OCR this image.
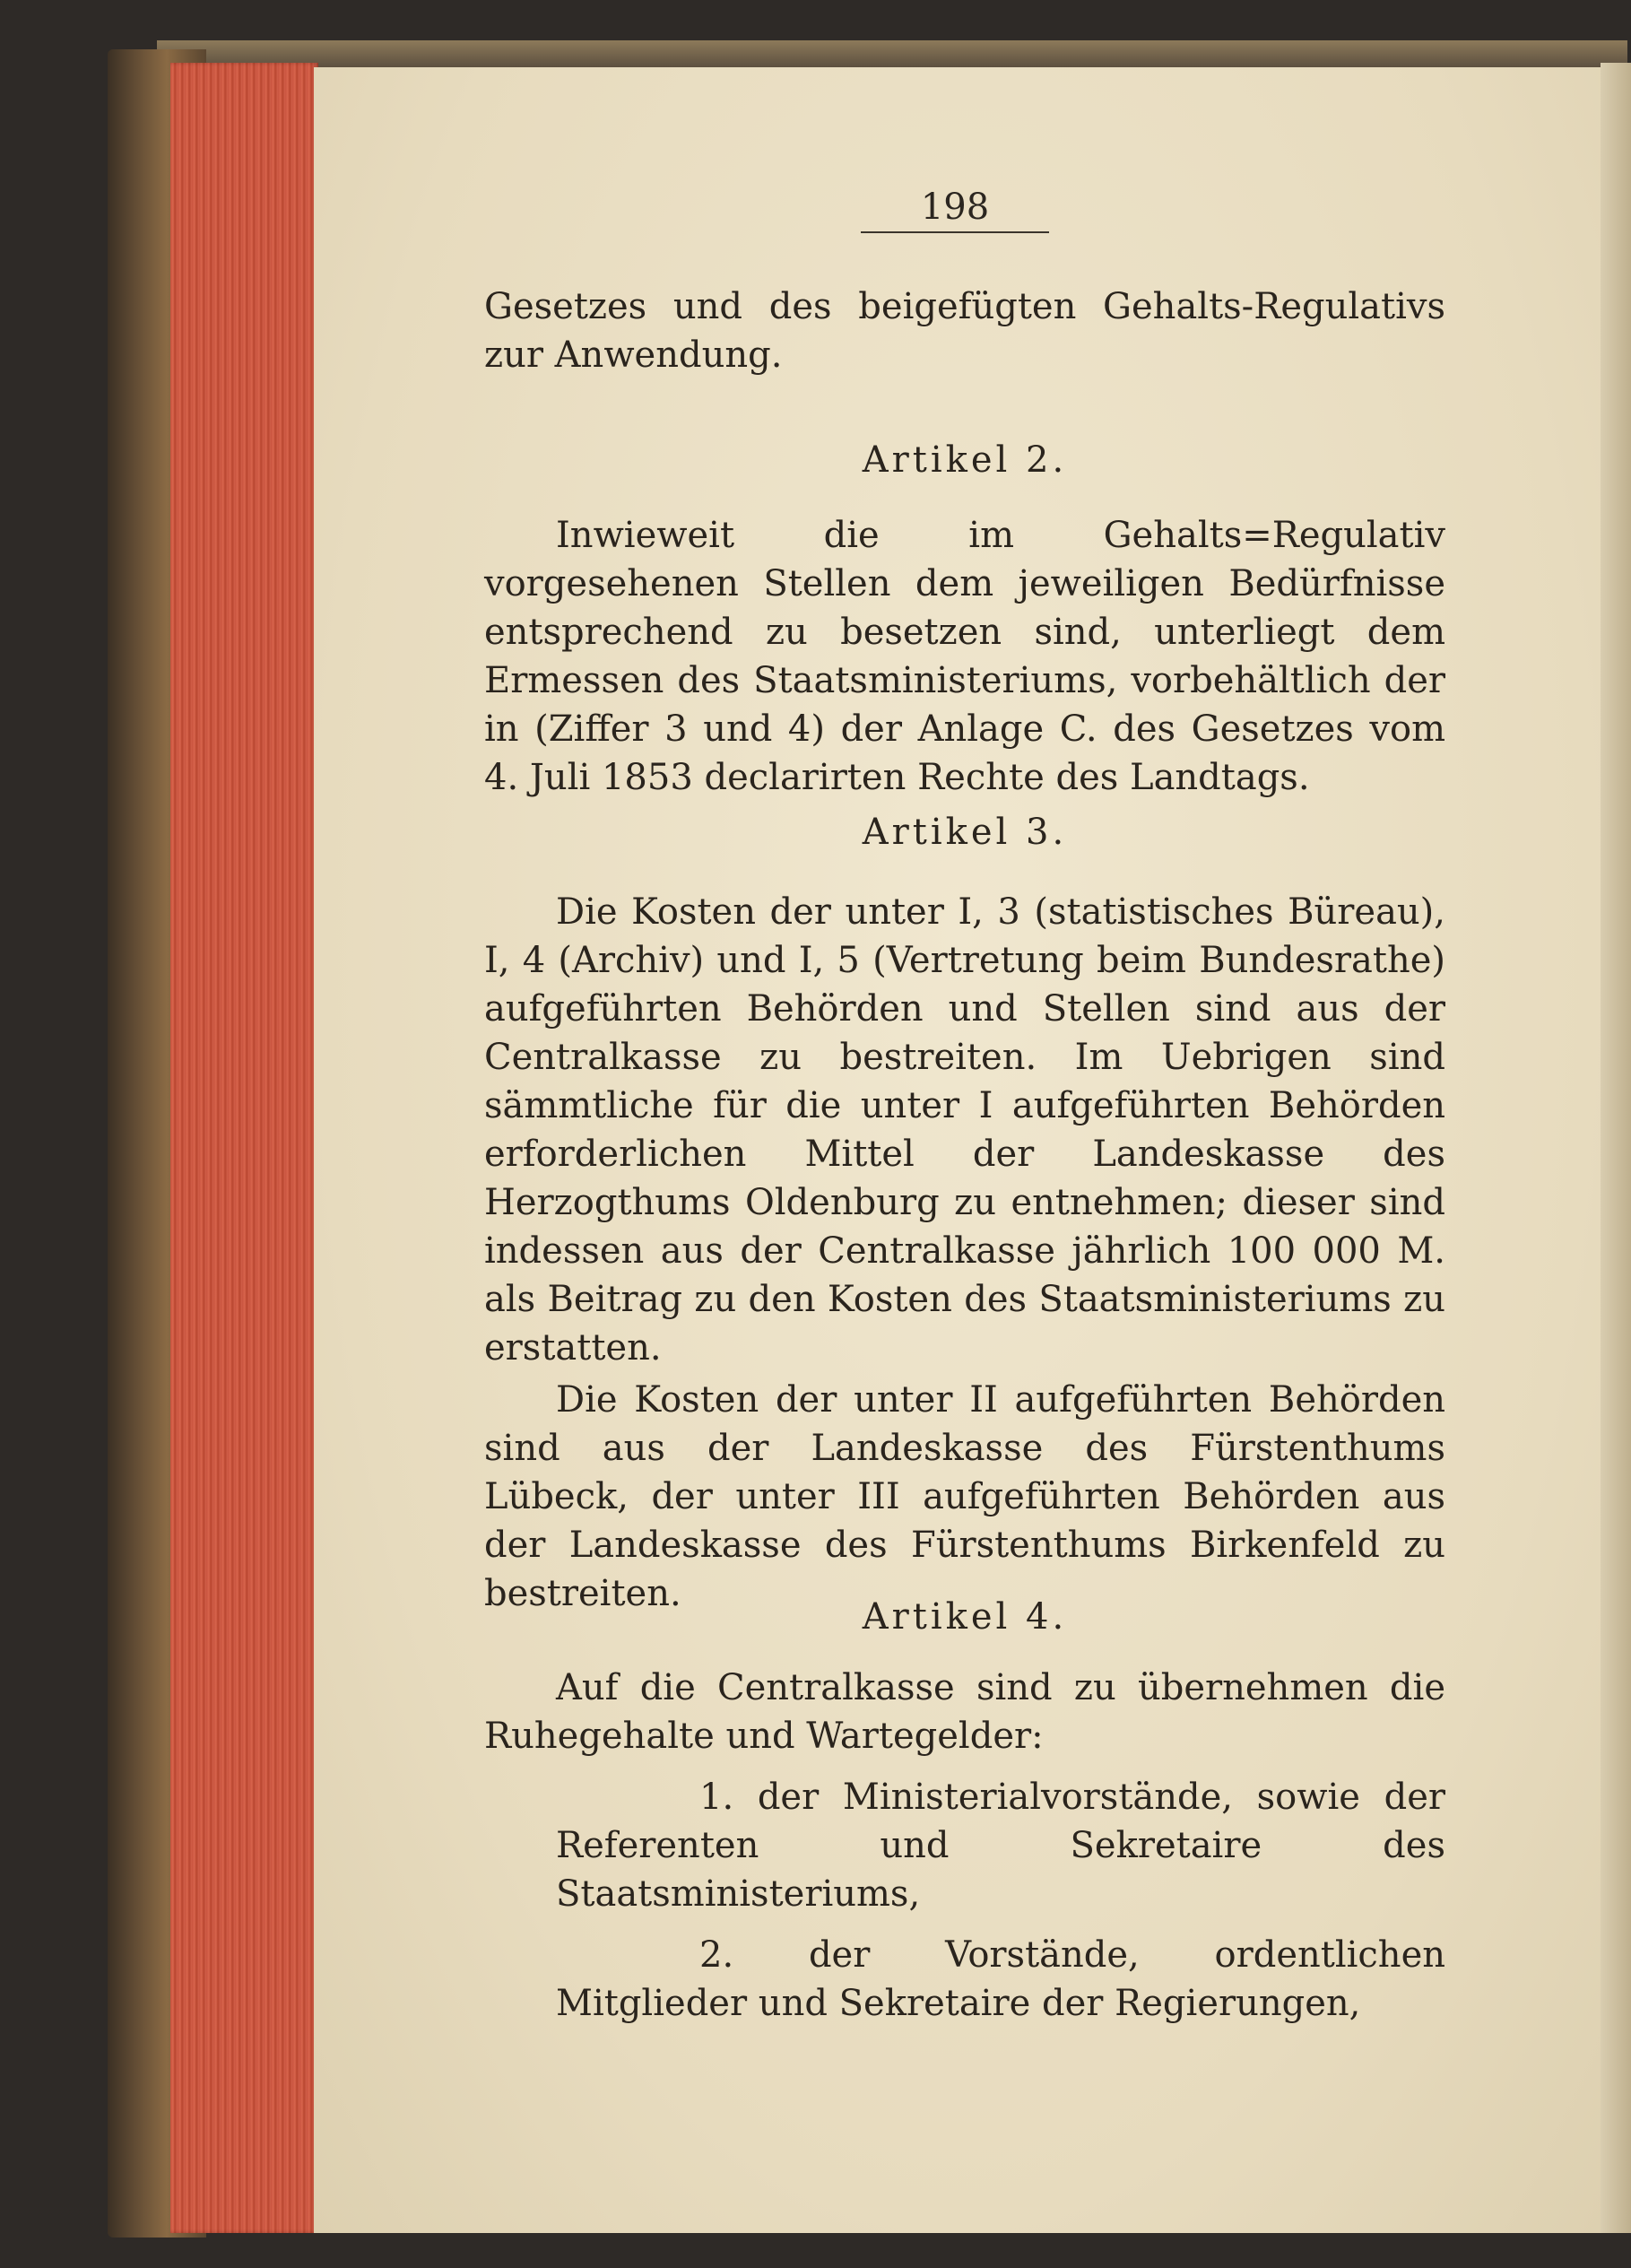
198

Gesetzes und des beigefügten Gehalts-Regulativs zur Anwendung.

Artikel 2.

Inwieweit die im Gehalts=Regulativ vorgesehenen Stellen dem jeweiligen Bedürfnisse entsprechend zu besetzen sind, unterliegt dem Ermessen des Staatsministeriums, vorbehältlich der in (Ziffer 3 und 4) der Anlage C. des Gesetzes vom 4. Juli 1853 declarirten Rechte des Landtags.

Artikel 3.

Die Kosten der unter I, 3 (statistisches Büreau), I, 4 (Archiv) und I, 5 (Vertretung beim Bundesrathe) aufgeführten Behörden und Stellen sind aus der Centralkasse zu bestreiten. Im Uebrigen sind sämmtliche für die unter I aufgeführten Behörden erforderlichen Mittel der Landeskasse des Herzogthums Oldenburg zu entnehmen; dieser sind indessen aus der Centralkasse jährlich 100 000 M. als Beitrag zu den Kosten des Staatsministeriums zu erstatten.

Die Kosten der unter II aufgeführten Behörden sind aus der Landeskasse des Fürstenthums Lübeck, der unter III aufgeführten Behörden aus der Landeskasse des Fürstenthums Birkenfeld zu bestreiten.

Artikel 4.

Auf die Centralkasse sind zu übernehmen die Ruhegehalte und Wartegelder:

1. der Ministerialvorstände, sowie der Referenten und Sekretaire des Staatsministeriums,

2. der Vorstände, ordentlichen Mitglieder und Sekretaire der Regierungen,
